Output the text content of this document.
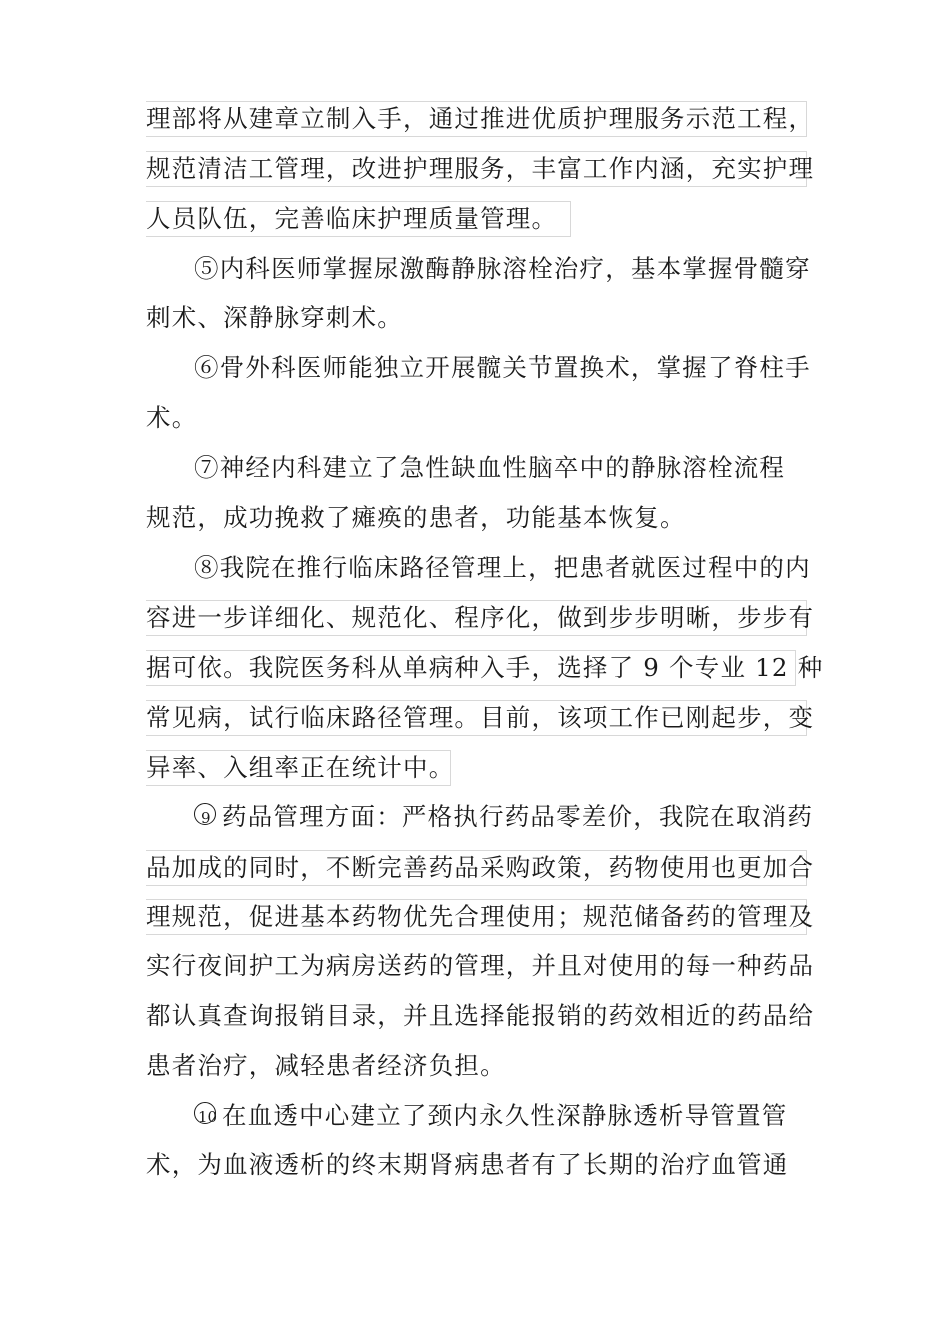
理部将从建章立制入手，通过推进优质护理服务示范工程，
规范清洁工管理，改进护理服务，丰富工作内涵，充实护理
人员队伍，完善临床护理质量管理。
⑤内科医师掌握尿激酶静脉溶栓治疗，基本掌握骨髓穿
刺术、深静脉穿刺术。
⑥骨外科医师能独立开展髋关节置换术，掌握了脊柱手
术。
⑦神经内科建立了急性缺血性脑卒中的静脉溶栓流程
规范，成功挽救了瘫痪的患者，功能基本恢复。
⑧我院在推行临床路径管理上，把患者就医过程中的内
容进一步详细化、规范化、程序化，做到步步明晰，步步有
据可依。我院医务科从单病种入手，选择了 9 个专业 12 种
常见病，试行临床路径管理。目前，该项工作已刚起步，变
异率、入组率正在统计中。
9 药品管理方面：严格执行药品零差价，我院在取消药
品加成的同时，不断完善药品采购政策，药物使用也更加合
理规范，促进基本药物优先合理使用；规范储备药的管理及
实行夜间护工为病房送药的管理，并且对使用的每一种药品
都认真查询报销目录，并且选择能报销的药效相近的药品给
患者治疗，减轻患者经济负担。
10 在血透中心建立了颈内永久性深静脉透析导管置管
术，为血液透析的终末期肾病患者有了长期的治疗血管通
